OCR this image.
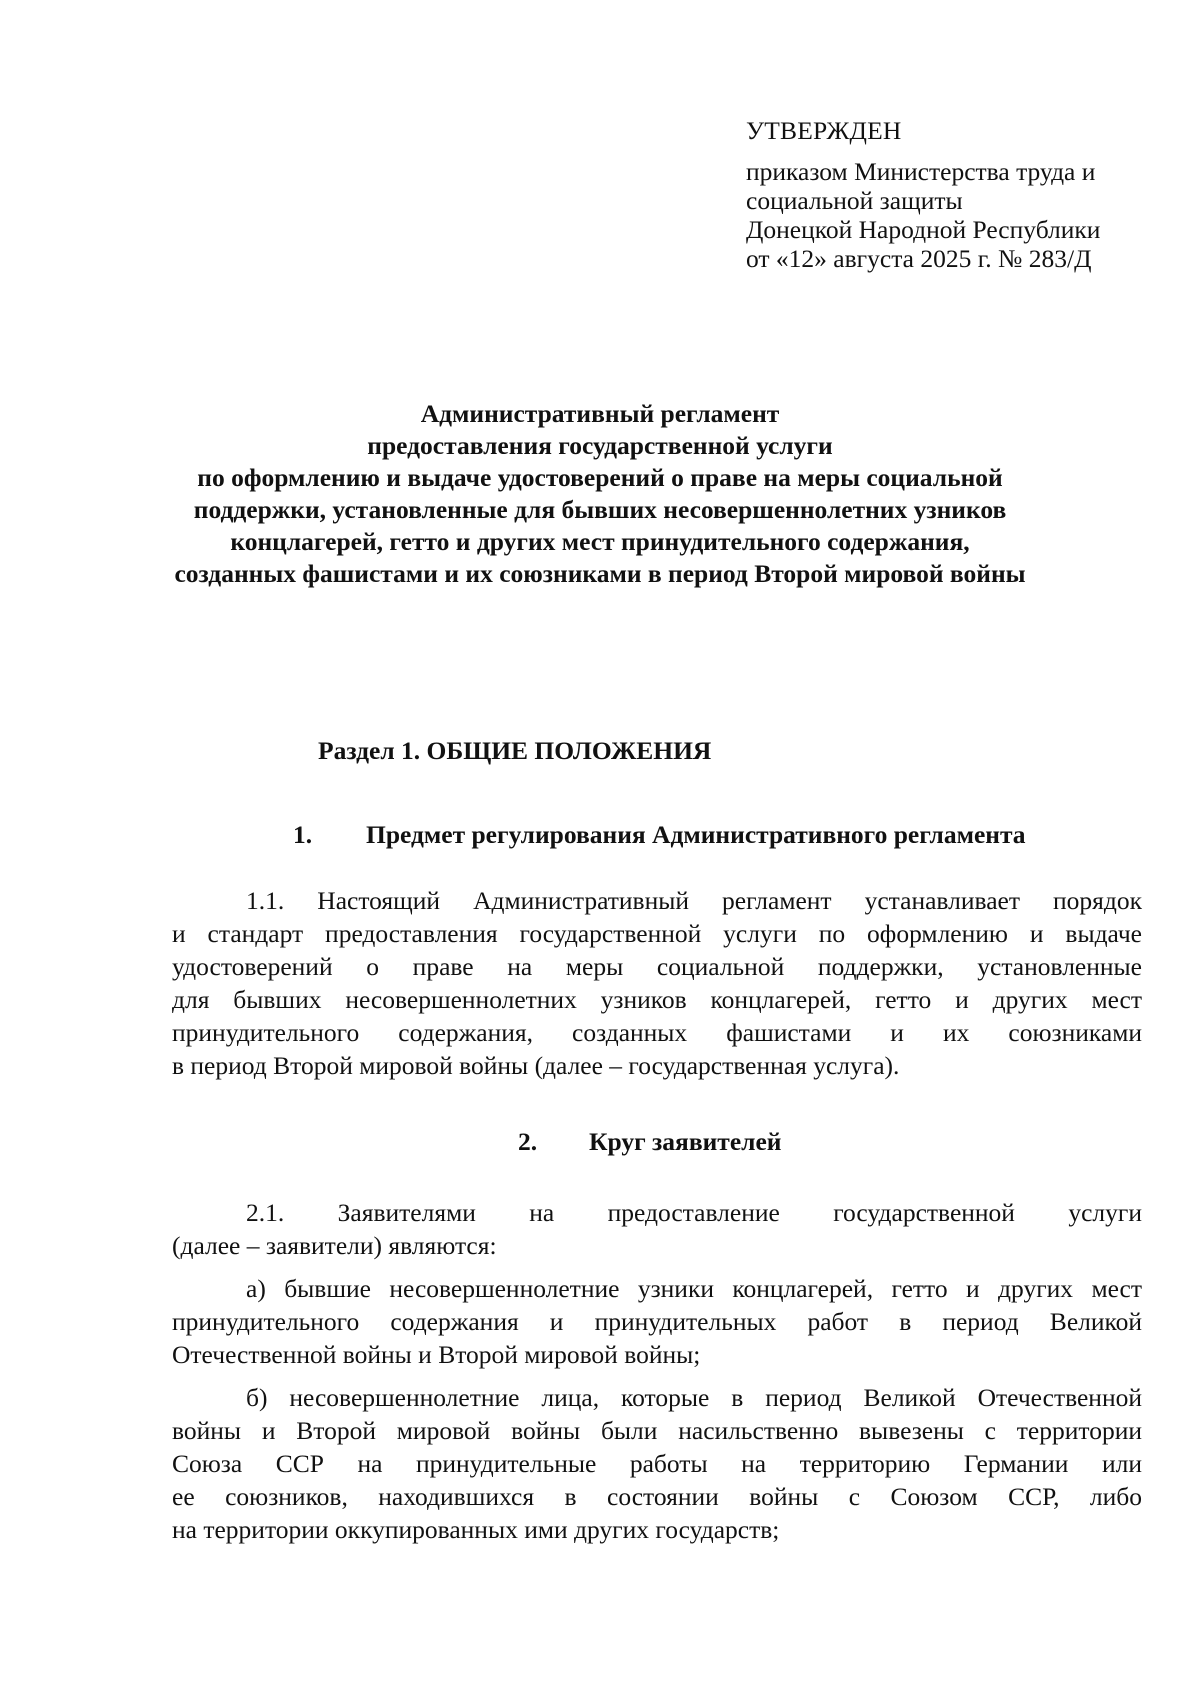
УТВЕРЖДЕН
приказом Министерства труда и
социальной защиты
Донецкой Народной Республики
от «12» августа 2025 г. № 283/Д
Административный регламент
предоставления государственной услуги
по оформлению и выдаче удостоверений о праве на меры социальной
поддержки, установленные для бывших несовершеннолетних узников
концлагерей, гетто и других мест принудительного содержания,
созданных фашистами и их союзниками в период Второй мировой войны
Раздел 1. ОБЩИЕ ПОЛОЖЕНИЯ
1. Предмет регулирования Административного регламента
1.1. Настоящий Административный регламент устанавливает порядок
и стандарт предоставления государственной услуги по оформлению и выдаче
удостоверений о праве на меры социальной поддержки, установленные
для бывших несовершеннолетних узников концлагерей, гетто и других мест
принудительного содержания, созданных фашистами и их союзниками
в период Второй мировой войны (далее – государственная услуга).
2. Круг заявителей
2.1. Заявителями на предоставление государственной услуги
(далее – заявители) являются:
а) бывшие несовершеннолетние узники концлагерей, гетто и других мест
принудительного содержания и принудительных работ в период Великой
Отечественной войны и Второй мировой войны;
б) несовершеннолетние лица, которые в период Великой Отечественной
войны и Второй мировой войны были насильственно вывезены с территории
Союза ССР на принудительные работы на территорию Германии или
ее союзников, находившихся в состоянии войны с Союзом ССР, либо
на территории оккупированных ими других государств;
